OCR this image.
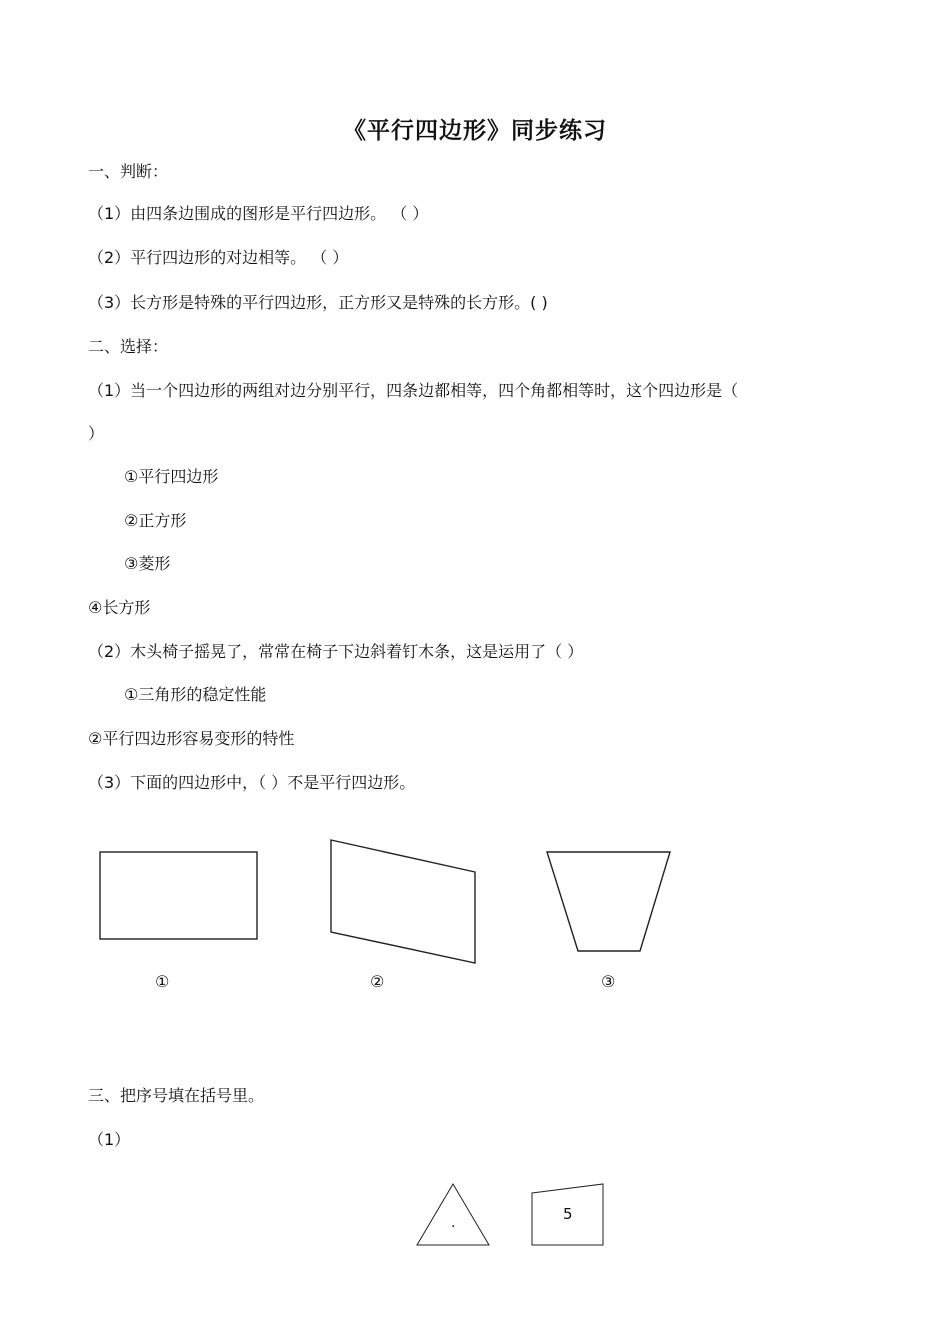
《平行四边形》同步练习
一、判断：
（1）由四条边围成的图形是平行四边形。 （ ）
（2）平行四边形的对边相等。 （ ）
（3）长方形是特殊的平行四边形，正方形又是特殊的长方形。( )
二、选择：
（1）当一个四边形的两组对边分别平行，四条边都相等，四个角都相等时，这个四边形是（
）
①平行四边形
②正方形
③菱形
④长方形
（2）木头椅子摇晃了，常常在椅子下边斜着钉木条，这是运用了（ ）
①三角形的稳定性能
②平行四边形容易变形的特性
（3）下面的四边形中，（ ）不是平行四边形。
①	②	③
三、把序号填在括号里。
（1）
.	5
